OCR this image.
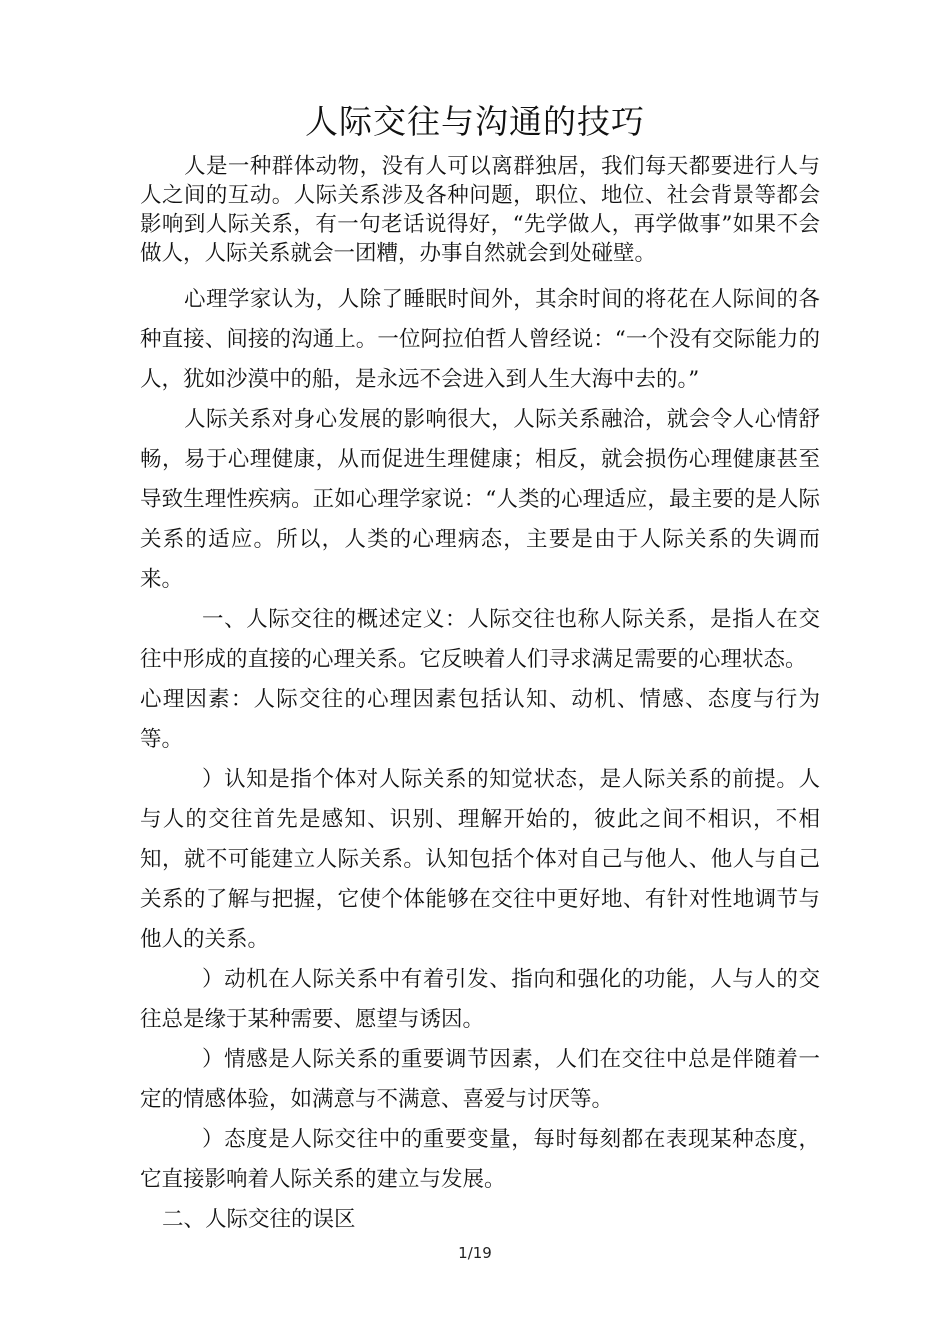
人际交往与沟通的技巧

人是一种群体动物，没有人可以离群独居，我们每天都要进行人与人之间的互动。人际关系涉及各种问题，职位、地位、社会背景等都会影响到人际关系，有一句老话说得好，“先学做人，再学做事”如果不会做人，人际关系就会一团糟，办事自然就会到处碰壁。

心理学家认为，人除了睡眠时间外，其余时间的将花在人际间的各种直接、间接的沟通上。一位阿拉伯哲人曾经说：“一个没有交际能力的人，犹如沙漠中的船，是永远不会进入到人生大海中去的。”

人际关系对身心发展的影响很大，人际关系融洽，就会令人心情舒畅，易于心理健康，从而促进生理健康；相反，就会损伤心理健康甚至导致生理性疾病。正如心理学家说：“人类的心理适应，最主要的是人际关系的适应。所以，人类的心理病态，主要是由于人际关系的失调而来。

一、人际交往的概述定义：人际交往也称人际关系，是指人在交往中形成的直接的心理关系。它反映着人们寻求满足需要的心理状态。

心理因素：人际交往的心理因素包括认知、动机、情感、态度与行为等。

）认知是指个体对人际关系的知觉状态，是人际关系的前提。人与人的交往首先是感知、识别、理解开始的，彼此之间不相识，不相知，就不可能建立人际关系。认知包括个体对自己与他人、他人与自己关系的了解与把握，它使个体能够在交往中更好地、有针对性地调节与他人的关系。

）动机在人际关系中有着引发、指向和强化的功能，人与人的交往总是缘于某种需要、愿望与诱因。

）情感是人际关系的重要调节因素，人们在交往中总是伴随着一定的情感体验，如满意与不满意、喜爱与讨厌等。

）态度是人际交往中的重要变量，每时每刻都在表现某种态度，它直接影响着人际关系的建立与发展。

二、人际交往的误区

1/19
